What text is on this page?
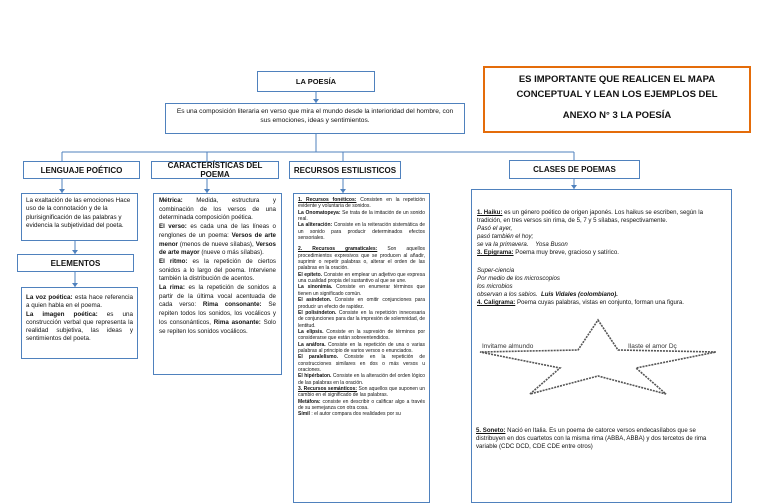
LA POESÍA
Es una composición literaria en verso que mira el mundo desde la interioridad del hombre, con sus emociones, ideas y sentimientos.
ES IMPORTANTE QUE REALICEN EL MAPA
CONCEPTUAL Y LEAN LOS EJEMPLOS DEL
ANEXO N° 3 LA POESÍA
LENGUAJE POÉTICO	CARACTERÍSTICAS DEL POEMA	RECURSOS ESTILISTICOS	CLASES DE POEMAS
La exaltación de las emociones Hace uso de la connotación y de la plurisignificación de las palabras y evidencia la subjetividad del poeta.
ELEMENTOS

La voz poética: esta hace referencia a quien habla en el poema.

La imagen poética: es una construcción verbal que representa la realidad subjetiva, las ideas y sentimientos del poeta.

Métrica: Medida, estructura y combinación de los versos de una determinada composición poética.

El verso: es cada una de las líneas o renglones de un poema: Versos de arte menor (menos de nueve sílabas), Versos de arte mayor (nueve o más sílabas).

El ritmo: es la repetición de ciertos sonidos a lo largo del poema. Interviene también la distribución de acentos.

La rima: es la repetición de sonidos a partir de la última vocal acentuada de cada verso: Rima consonante: Se repiten todos los sonidos, los vocálicos y los consonánticos, Rima asonante: Solo se repiten los sonidos vocálicos.

1. Recursos fonéticos: Consisten en la repetición evidente y voluntaria de sonidos.

La Onomatopeya: Se trata de la imitación de un sonido real.

La aliteración: Consiste en la reiteración sistemática de un sonido para producir determinados efectos sensoriales.

2. Recursos gramaticales: Son aquellos procedimientos expresivos que se producen al añadir, suprimir o repetir palabras o, alterar el orden de las palabras en la oración.

El epíteto. Consiste en emplear un adjetivo que expresa una cualidad propia del sustantivo al que se une.

La sinonimia. Consiste en enumerar términos que tienen un significado común.

El asíndeton. Consiste en omitir conjunciones para producir un efecto de rapidez.

El polisíndeton. Consiste en la repetición innecesaria de conjunciones para dar la impresión de solemnidad, de lentitud.

La elipsis. Consiste en la supresión de términos por considerarse que están sobreentendidos.

La anáfora. Consiste en la repetición de una o varias palabras al principio de varios versos o enunciados.

El paralelismo. Consiste en la repetición de construcciones similares en dos o más versos u oraciones.

El hipérbaton. Consiste en la alteración del orden lógico de las palabras en la oración.

3. Recursos semánticos: Son aquellos que suponen un cambio en el significado de las palabras.

Metáfora: consiste en describir o calificar algo a través de su semejanza con otra cosa.

Símil : el autor compara dos realidades por su

1. Haiku: es un género poético de origen japonés. Los haikus se escriben, según la tradición, en tres versos sin rima, de 5, 7 y 5 sílabas, respectivamente.

Pasó el ayer,

pasó también el hoy;

se va la primavera. Yosa Buson

3. Epigrama: Poema muy breve, gracioso y satírico.

Super-ciencia

Por medio de los microscopios

los microbios

observan a los sabios. Luis Vidales (colombiano).

4. Caligrama: Poema cuyas palabras, vistas en conjunto, forman una figura.

Invitame almundo	Ilaste el amor Dç
5. Soneto: Nació en Italia. Es un poema de catorce versos endecasílabos que se distribuyen en dos cuartetos con la misma rima (ABBA, ABBA) y dos tercetos de rima variable (CDC DCD, CDE CDE entre otros)
